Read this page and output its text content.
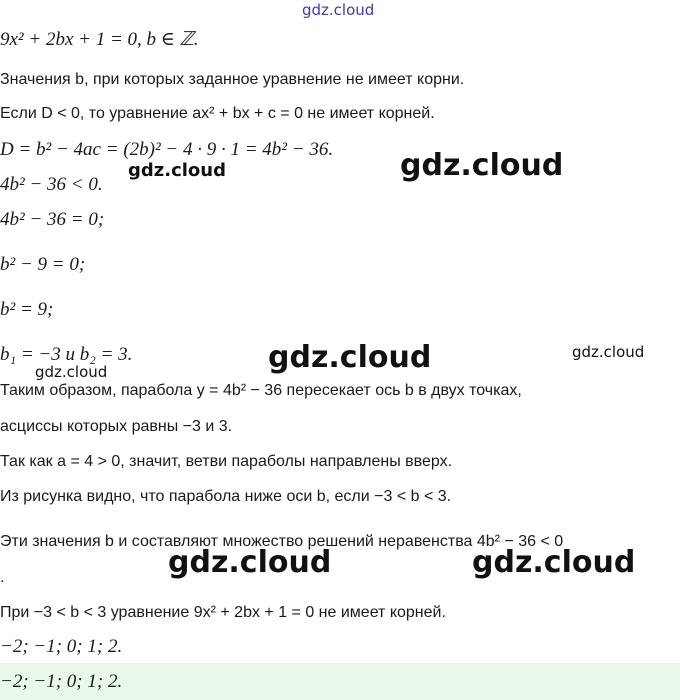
9x² + 2bx + 1 = 0, b ∈ ℤ.
Значения b, при которых заданное уравнение не имеет корни.
Если D < 0, то уравнение ax² + bx + c = 0 не имеет корней.
D = b² − 4ac = (2b)² − 4 · 9 · 1 = 4b² − 36.
4b² − 36 < 0.
4b² − 36 = 0;
b² − 9 = 0;
b² = 9;
b₁ = −3 и b₂ = 3.
Таким образом, парабола y = 4b² − 36 пересекает ось b в двух точках,
асциссы которых равны −3 и 3.
Так как a = 4 > 0, значит, ветви параболы направлены вверх.
Из рисунка видно, что парабола ниже оси b, если −3 < b < 3.
Эти значения b и составляют множество решений неравенства 4b² − 36 < 0
.
При −3 < b < 3 уравнение 9x² + 2bx + 1 = 0 не имеет корней.
−2; −1; 0; 1; 2.
−2; −1; 0; 1; 2.
gdz.cloud
gdz.cloud	gdz.cloud
gdz.cloud
gdz.cloud
gdz.cloud
gdz.cloud	gdz.cloud
